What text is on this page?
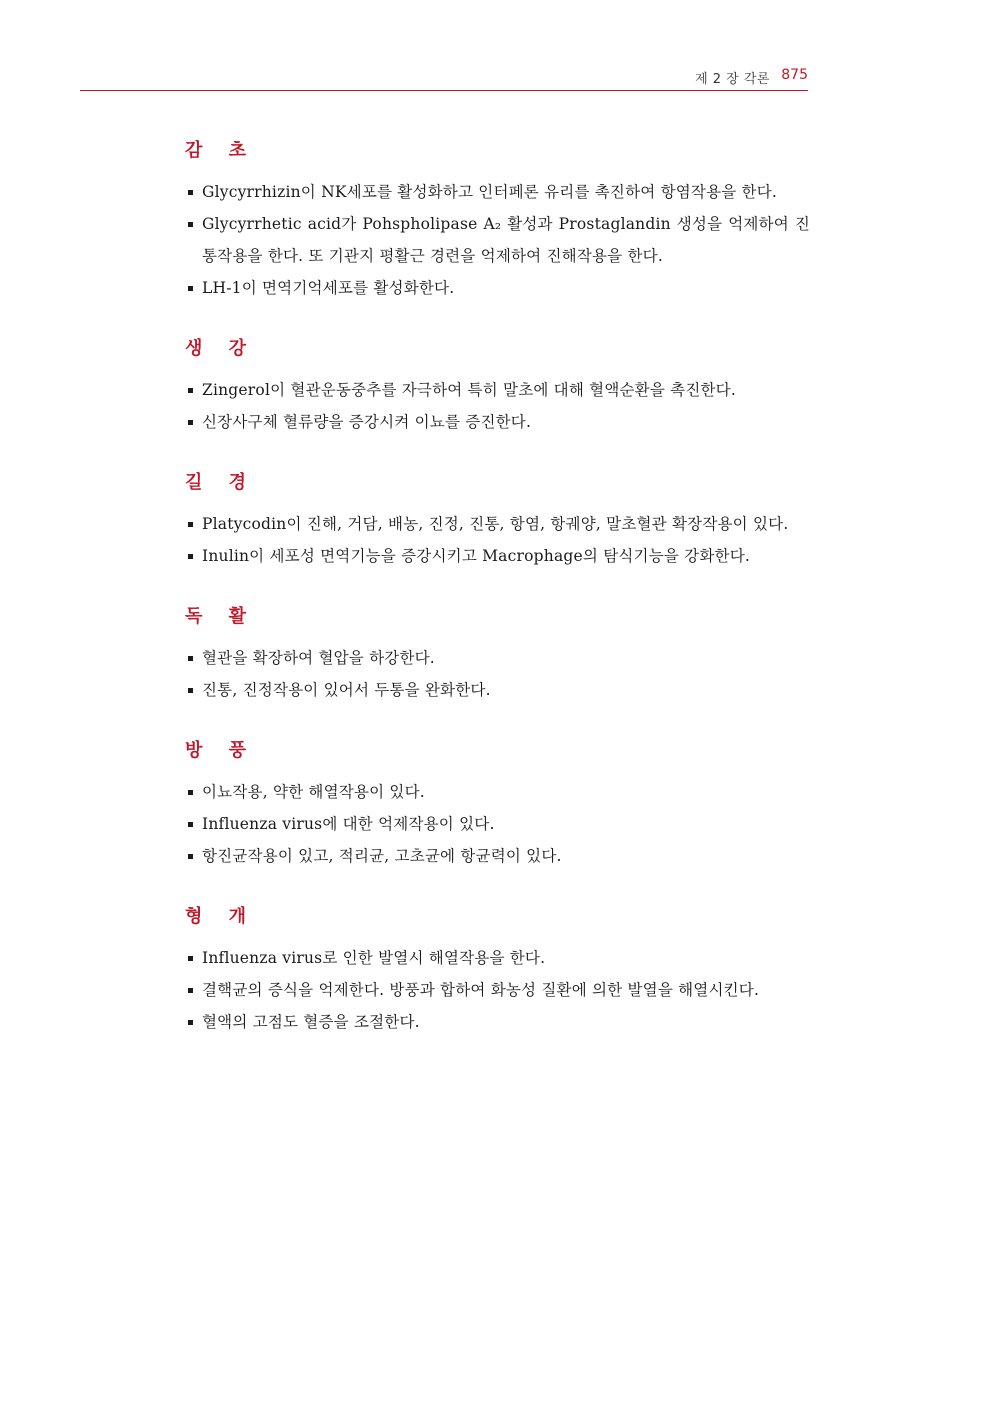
제 2 장 각론 875
감 초
Glycyrrhizin이 NK세포를 활성화하고 인터페론 유리를 촉진하여 항염작용을 한다.
Glycyrrhetic acid가 Pohspholipase A₂ 활성과 Prostaglandin 생성을 억제하여 진통작용을 한다. 또 기관지 평활근 경련을 억제하여 진해작용을 한다.
LH-1이 면역기억세포를 활성화한다.
생 강
Zingerol이 혈관운동중추를 자극하여 특히 말초에 대해 혈액순환을 촉진한다.
신장사구체 혈류량을 증강시켜 이뇨를 증진한다.
길 경
Platycodin이 진해, 거담, 배농, 진정, 진통, 항염, 항궤양, 말초혈관 확장작용이 있다.
Inulin이 세포성 면역기능을 증강시키고 Macrophage의 탐식기능을 강화한다.
독 활
혈관을 확장하여 혈압을 하강한다.
진통, 진정작용이 있어서 두통을 완화한다.
방 풍
이뇨작용, 약한 해열작용이 있다.
Influenza virus에 대한 억제작용이 있다.
항진균작용이 있고, 적리균, 고초균에 항균력이 있다.
형 개
Influenza virus로 인한 발열시 해열작용을 한다.
결핵균의 증식을 억제한다. 방풍과 합하여 화농성 질환에 의한 발열을 해열시킨다.
혈액의 고점도 혈증을 조절한다.
